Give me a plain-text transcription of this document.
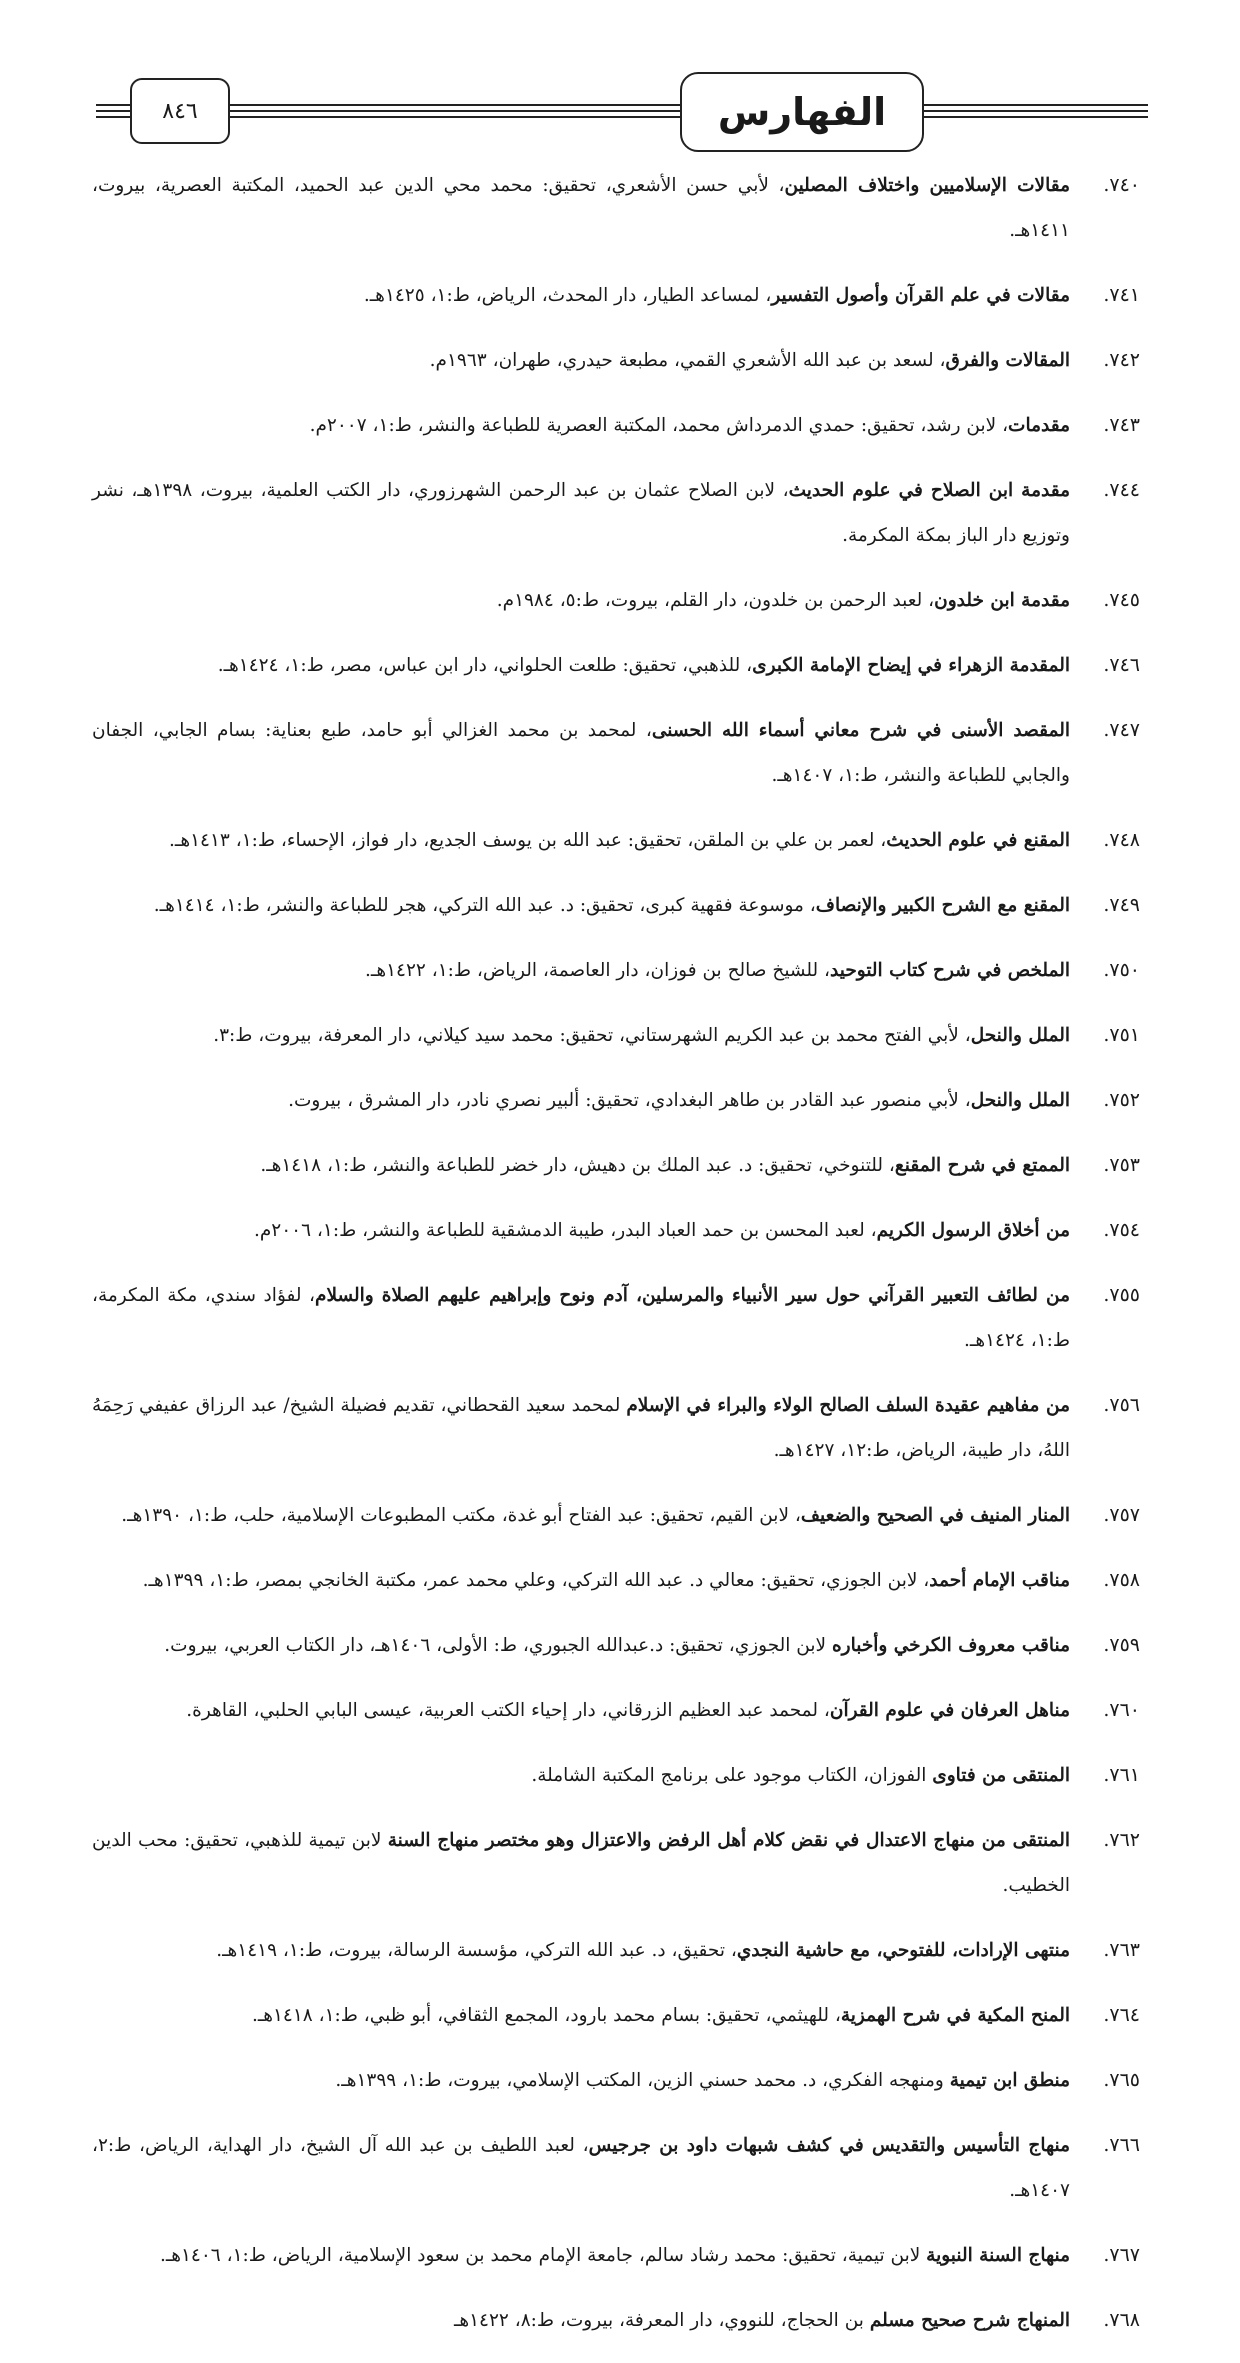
الفهارس
٨٤٦
٧٤٠.
مقالات الإسلاميين واختلاف المصلين، لأبي حسن الأشعري، تحقيق: محمد محي الدين عبد الحميد، المكتبة العصرية، بيروت، ١٤١١هـ.
٧٤١.
مقالات في علم القرآن وأصول التفسير، لمساعد الطيار، دار المحدث، الرياض، ط:١، ١٤٢٥هـ.
٧٤٢.
المقالات والفرق، لسعد بن عبد الله الأشعري القمي، مطبعة حيدري، طهران، ١٩٦٣م.
٧٤٣.
مقدمات، لابن رشد، تحقيق: حمدي الدمرداش محمد، المكتبة العصرية للطباعة والنشر، ط:١، ٢٠٠٧م.
٧٤٤.
مقدمة ابن الصلاح في علوم الحديث، لابن الصلاح عثمان بن عبد الرحمن الشهرزوري، دار الكتب العلمية، بيروت، ١٣٩٨هـ، نشر وتوزيع دار الباز بمكة المكرمة.
٧٤٥.
مقدمة ابن خلدون، لعبد الرحمن بن خلدون، دار القلم، بيروت، ط:٥، ١٩٨٤م.
٧٤٦.
المقدمة الزهراء في إيضاح الإمامة الكبرى، للذهبي، تحقيق: طلعت الحلواني، دار ابن عباس، مصر، ط:١، ١٤٢٤هـ.
٧٤٧.
المقصد الأسنى في شرح معاني أسماء الله الحسنى، لمحمد بن محمد الغزالي أبو حامد، طبع بعناية: بسام الجابي، الجفان والجابي للطباعة والنشر، ط:١، ١٤٠٧هـ.
٧٤٨.
المقنع في علوم الحديث، لعمر بن علي بن الملقن، تحقيق: عبد الله بن يوسف الجديع، دار فواز، الإحساء، ط:١، ١٤١٣هـ.
٧٤٩.
المقنع مع الشرح الكبير والإنصاف، موسوعة فقهية كبرى، تحقيق: د. عبد الله التركي، هجر للطباعة والنشر، ط:١، ١٤١٤هـ.
٧٥٠.
الملخص في شرح كتاب التوحيد، للشيخ صالح بن فوزان، دار العاصمة، الرياض، ط:١، ١٤٢٢هـ.
٧٥١.
الملل والنحل، لأبي الفتح محمد بن عبد الكريم الشهرستاني، تحقيق: محمد سيد كيلاني، دار المعرفة، بيروت، ط:٣.
٧٥٢.
الملل والنحل، لأبي منصور عبد القادر بن طاهر البغدادي، تحقيق: ألبير نصري نادر، دار المشرق ، بيروت.
٧٥٣.
الممتع في شرح المقنع، للتنوخي، تحقيق: د. عبد الملك بن دهيش، دار خضر للطباعة والنشر، ط:١، ١٤١٨هـ.
٧٥٤.
من أخلاق الرسول الكريم، لعبد المحسن بن حمد العباد البدر، طيبة الدمشقية للطباعة والنشر، ط:١، ٢٠٠٦م.
٧٥٥.
من لطائف التعبير القرآني حول سير الأنبياء والمرسلين، آدم ونوح وإبراهيم عليهم الصلاة والسلام، لفؤاد سندي، مكة المكرمة، ط:١، ١٤٢٤هـ.
٧٥٦.
من مفاهيم عقيدة السلف الصالح الولاء والبراء في الإسلام لمحمد سعيد القحطاني، تقديم فضيلة الشيخ/ عبد الرزاق عفيفي رَحِمَهُ اللهُ، دار طيبة، الرياض، ط:١٢، ١٤٢٧هـ.
٧٥٧.
المنار المنيف في الصحيح والضعيف، لابن القيم، تحقيق: عبد الفتاح أبو غدة، مكتب المطبوعات الإسلامية، حلب، ط:١، ١٣٩٠هـ.
٧٥٨.
مناقب الإمام أحمد، لابن الجوزي، تحقيق: معالي د. عبد الله التركي، وعلي محمد عمر، مكتبة الخانجي بمصر، ط:١، ١٣٩٩هـ.
٧٥٩.
مناقب معروف الكرخي وأخباره لابن الجوزي، تحقيق: د.عبدالله الجبوري، ط: الأولى، ١٤٠٦هـ، دار الكتاب العربي، بيروت.
٧٦٠.
مناهل العرفان في علوم القرآن، لمحمد عبد العظيم الزرقاني، دار إحياء الكتب العربية، عيسى البابي الحلبي، القاهرة.
٧٦١.
المنتقى من فتاوى الفوزان، الكتاب موجود على برنامج المكتبة الشاملة.
٧٦٢.
المنتقى من منهاج الاعتدال في نقض كلام أهل الرفض والاعتزال وهو مختصر منهاج السنة لابن تيمية للذهبي، تحقيق: محب الدين الخطيب.
٧٦٣.
منتهى الإرادات، للفتوحي، مع حاشية النجدي، تحقيق، د. عبد الله التركي، مؤسسة الرسالة، بيروت، ط:١، ١٤١٩هـ.
٧٦٤.
المنح المكية في شرح الهمزية، للهيثمي، تحقيق: بسام محمد بارود، المجمع الثقافي، أبو ظبي، ط:١، ١٤١٨هـ.
٧٦٥.
منطق ابن تيمية ومنهجه الفكري، د. محمد حسني الزين، المكتب الإسلامي، بيروت، ط:١، ١٣٩٩هـ.
٧٦٦.
منهاج التأسيس والتقديس في كشف شبهات داود بن جرجيس، لعبد اللطيف بن عبد الله آل الشيخ، دار الهداية، الرياض، ط:٢، ١٤٠٧هـ.
٧٦٧.
منهاج السنة النبوية لابن تيمية، تحقيق: محمد رشاد سالم، جامعة الإمام محمد بن سعود الإسلامية، الرياض، ط:١، ١٤٠٦هـ.
٧٦٨.
المنهاج شرح صحيح مسلم بن الحجاج، للنووي، دار المعرفة، بيروت، ط:٨، ١٤٢٢هـ
